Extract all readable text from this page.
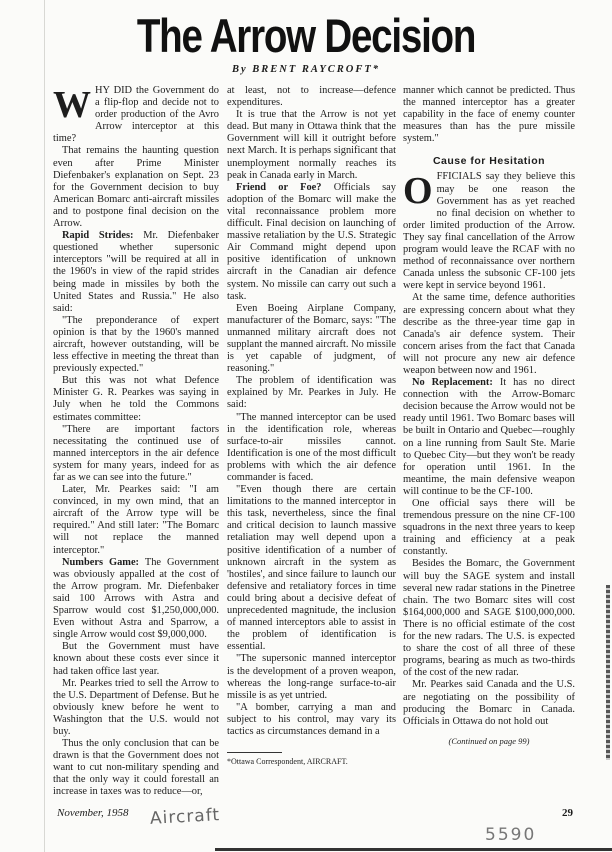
The Arrow Decision
By BRENT RAYCROFT*

WHY DID the Government do a flip-flop and decide not to order production of the Avro Arrow interceptor at this time?

That remains the haunting question even after Prime Minister Diefenbaker's explanation on Sept. 23 for the Government decision to buy American Bomarc anti-aircraft missiles and to postpone final decision on the Arrow.

Rapid Strides: Mr. Diefenbaker questioned whether supersonic interceptors "will be required at all in the 1960's in view of the rapid strides being made in missiles by both the United States and Russia." He also said:

"The preponderance of expert opinion is that by the 1960's manned aircraft, however outstanding, will be less effective in meeting the threat than previously expected."

But this was not what Defence Minister G. R. Pearkes was saying in July when he told the Commons estimates committee:

"There are important factors necessitating the continued use of manned interceptors in the air defence system for many years, indeed for as far as we can see into the future."

Later, Mr. Pearkes said: "I am convinced, in my own mind, that an aircraft of the Arrow type will be required." And still later: "The Bomarc will not replace the manned interceptor."

Numbers Game: The Government was obviously appalled at the cost of the Arrow program. Mr. Diefenbaker said 100 Arrows with Astra and Sparrow would cost $1,250,000,000. Even without Astra and Sparrow, a single Arrow would cost $9,000,000.

But the Government must have known about these costs ever since it had taken office last year.

Mr. Pearkes tried to sell the Arrow to the U.S. Department of Defense. But he obviously knew before he went to Washington that the U.S. would not buy.

Thus the only conclusion that can be drawn is that the Government does not want to cut non-military spending and that the only way it could forestall an increase in taxes was to reduce—or,

at least, not to increase—defence expenditures.

It is true that the Arrow is not yet dead. But many in Ottawa think that the Government will kill it outright before next March. It is perhaps significant that unemployment normally reaches its peak in Canada early in March.

Friend or Foe? Officials say adoption of the Bomarc will make the vital reconnaissance problem more difficult. Final decision on launching of massive retaliation by the U.S. Strategic Air Command might depend upon positive identification of unknown aircraft in the Canadian air defence system. No missile can carry out such a task.

Even Boeing Airplane Company, manufacturer of the Bomarc, says: "The unmanned military aircraft does not supplant the manned aircraft. No missile is yet capable of judgment, of reasoning."

The problem of identification was explained by Mr. Pearkes in July. He said:

"The manned interceptor can be used in the identification role, whereas surface-to-air missiles cannot. Identification is one of the most difficult problems with which the air defence commander is faced.

"Even though there are certain limitations to the manned interceptor in this task, nevertheless, since the final and critical decision to launch massive retaliation may well depend upon a positive identification of a number of unknown aircraft in the system as 'hostiles', and since failure to launch our defensive and retaliatory forces in time could bring about a decisive defeat of unprecedented magnitude, the inclusion of manned interceptors able to assist in the problem of identification is essential.

"The supersonic manned interceptor is the development of a proven weapon, whereas the long-range surface-to-air missile is as yet untried.

"A bomber, carrying a man and subject to his control, may vary its tactics as circumstances demand in a

*Ottawa Correspondent, AIRCRAFT.

manner which cannot be predicted. Thus the manned interceptor has a greater capability in the face of enemy counter measures than has the pure missile system."

Cause for Hesitation

OFFICIALS say they believe this may be one reason the Government has as yet reached no final decision on whether to order limited production of the Arrow. They say final cancellation of the Arrow program would leave the RCAF with no method of reconnaissance over northern Canada unless the subsonic CF-100 jets were kept in service beyond 1961.

At the same time, defence authorities are expressing concern about what they describe as the three-year time gap in Canada's air defence system. Their concern arises from the fact that Canada will not procure any new air defence weapon between now and 1961.

No Replacement: It has no direct connection with the Arrow-Bomarc decision because the Arrow would not be ready until 1961. Two Bomarc bases will be built in Ontario and Quebec—roughly on a line running from Sault Ste. Marie to Quebec City—but they won't be ready for operation until 1961. In the meantime, the main defensive weapon will continue to be the CF-100.

One official says there will be tremendous pressure on the nine CF-100 squadrons in the next three years to keep training and efficiency at a peak constantly.

Besides the Bomarc, the Government will buy the SAGE system and install several new radar stations in the Pinetree chain. The two Bomarc sites will cost $164,000,000 and SAGE $100,000,000. There is no official estimate of the cost for the new radars. The U.S. is expected to share the cost of all three of these programs, bearing as much as two-thirds of the cost of the new radar.

Mr. Pearkes said Canada and the U.S. are negotiating on the possibility of producing the Bomarc in Canada. Officials in Ottawa do not hold out

(Continued on page 99)
November, 1958	29
Aircraft
5590
